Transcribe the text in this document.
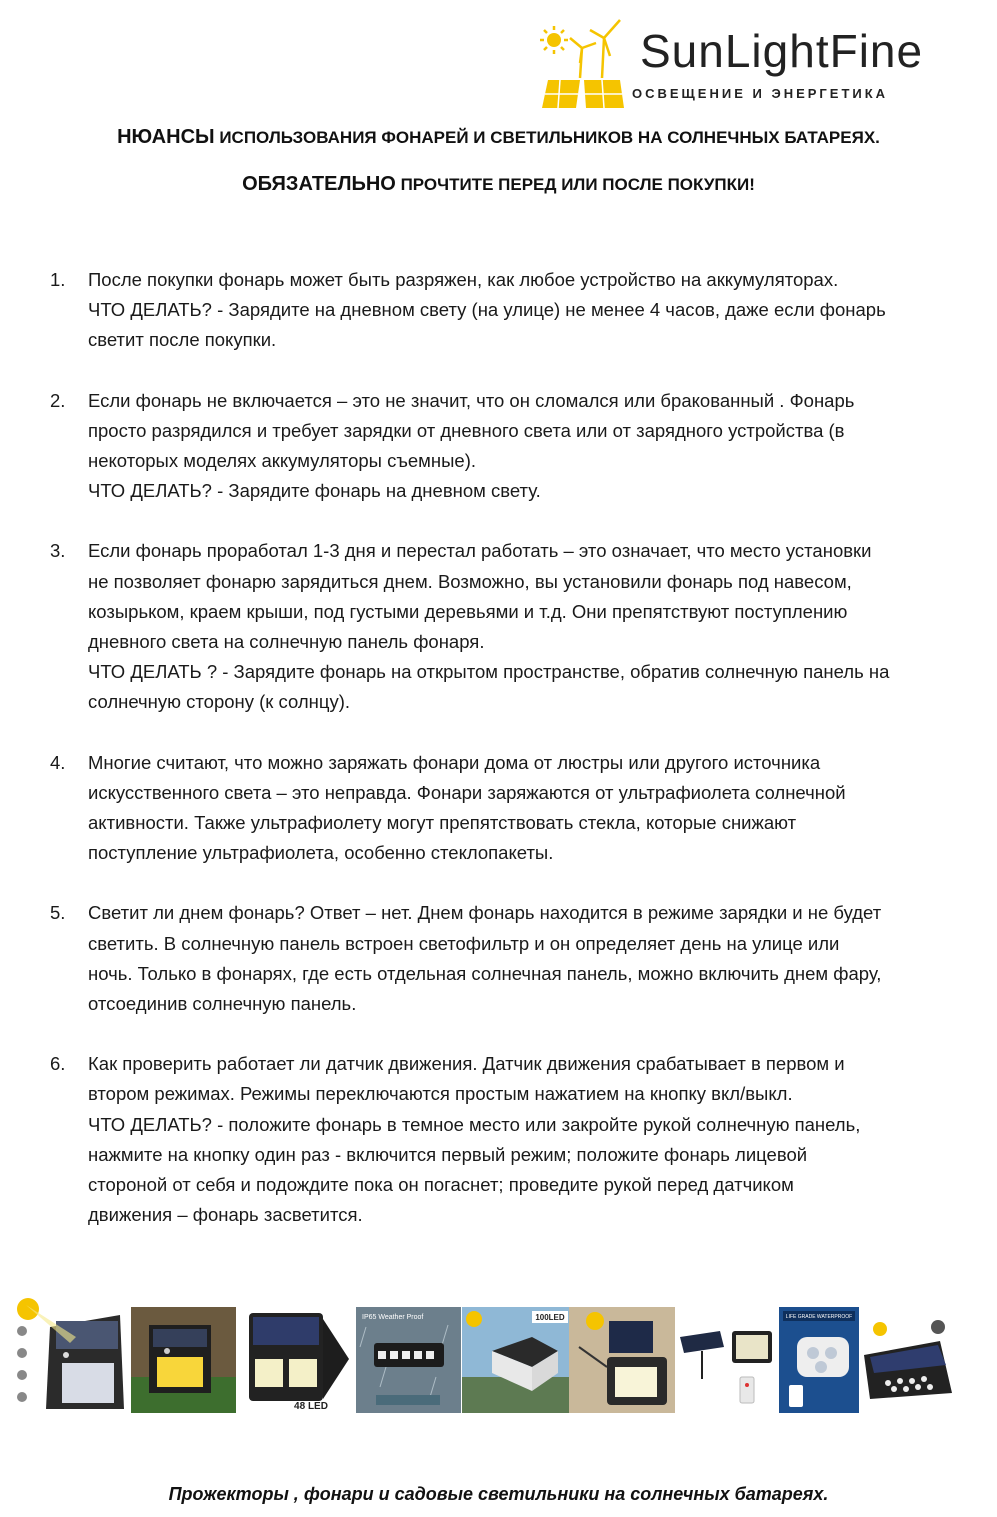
SunLightFine
ОСВЕЩЕНИЕ И ЭНЕРГЕТИКА
НЮАНСЫ ИСПОЛЬЗОВАНИЯ ФОНАРЕЙ И СВЕТИЛЬНИКОВ НА СОЛНЕЧНЫХ БАТАРЕЯХ.
ОБЯЗАТЕЛЬНО ПРОЧТИТЕ ПЕРЕД ИЛИ ПОСЛЕ ПОКУПКИ!
1. После покупки фонарь может быть разряжен, как любое устройство на аккумуляторах.
ЧТО ДЕЛАТЬ? - Зарядите на дневном свету (на улице) не менее 4 часов, даже если фонарь
светит после покупки.
2. Если фонарь не включается – это не значит, что он сломался или бракованный . Фонарь
просто разрядился и требует зарядки от дневного света или от зарядного устройства (в
некоторых моделях аккумуляторы съемные).
ЧТО ДЕЛАТЬ? - Зарядите фонарь на дневном свету.
3. Если фонарь проработал 1-3 дня и перестал работать – это означает, что место установки
не позволяет фонарю зарядиться днем. Возможно, вы установили фонарь под навесом,
козырьком, краем крыши, под густыми деревьями и т.д. Они препятствуют поступлению
дневного света на солнечную панель фонаря.
ЧТО ДЕЛАТЬ ? - Зарядите фонарь на открытом пространстве, обратив солнечную панель на
солнечную сторону (к солнцу).
4. Многие считают, что можно заряжать фонари дома от люстры или другого источника
искусственного света – это неправда. Фонари заряжаются от ультрафиолета солнечной
активности. Также ультрафиолету могут препятствовать стекла, которые снижают
поступление ультрафиолета, особенно стеклопакеты.
5. Светит ли днем фонарь? Ответ – нет. Днем фонарь находится в режиме зарядки и не будет
светить. В солнечную панель встроен светофильтр и он определяет день на улице или
ночь. Только в фонарях, где есть отдельная солнечная панель, можно включить днем фару,
отсоединив солнечную панель.
6. Как проверить работает ли датчик движения. Датчик движения срабатывает в первом и
втором режимах. Режимы переключаются простым нажатием на кнопку вкл/выкл.
ЧТО ДЕЛАТЬ? - положите фонарь в темное место или закройте рукой солнечную панель,
нажмите на кнопку один раз - включится первый режим; положите фонарь лицевой
стороной от себя и подождите пока он погаснет; проведите рукой перед датчиком
движения – фонарь засветится.
48 LED
IP65 Weather Proof	100LED	LIFE GRADE WATERPROOF
Прожекторы , фонари и садовые светильники на солнечных батареях.
